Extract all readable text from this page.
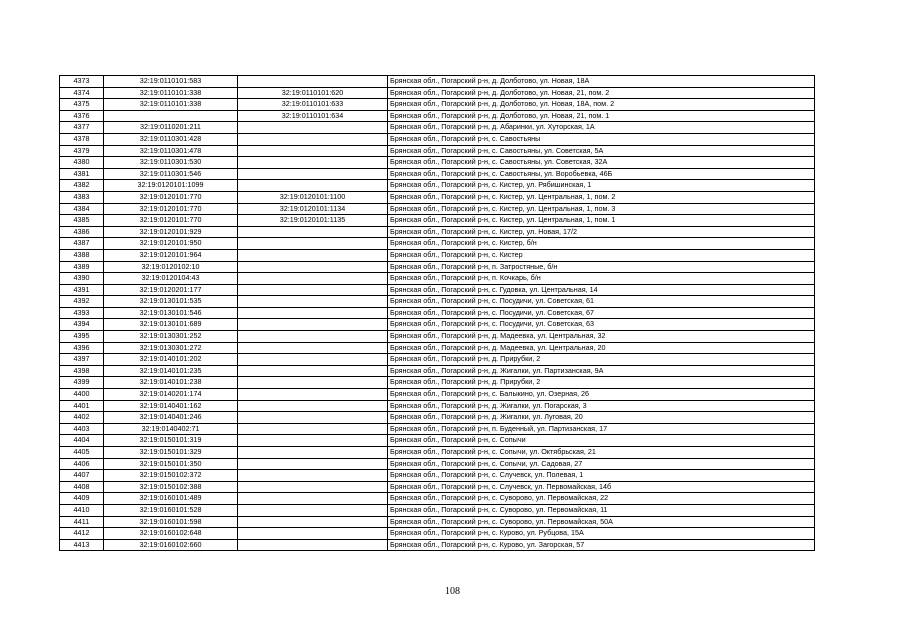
4373	32:19:0110101:583		Брянская обл., Погарский р-н, д. Долботово, ул. Новая, 18А
4374	32:19:0110101:338	32:19:0110101:620	Брянская обл., Погарский р-н, д. Долботово, ул. Новая, 21, пом. 2
4375	32:19:0110101:338	32:19:0110101:633	Брянская обл., Погарский р-н, д. Долботово, ул. Новая, 18А, пом. 2
4376		32:19:0110101:634	Брянская обл., Погарский р-н, д. Долботово, ул. Новая, 21, пом. 1
4377	32:19:0110201:211		Брянская обл., Погарский р-н, д. Абаринки, ул. Хуторская, 1А
4378	32:19:0110301:428		Брянская обл., Погарский р-н, с. Савостьяны
4379	32:19:0110301:478		Брянская обл., Погарский р-н, с. Савостьяны, ул. Советская, 5А
4380	32:19:0110301:530		Брянская обл., Погарский р-н, с. Савостьяны, ул. Советская, 32А
4381	32:19:0110301:546		Брянская обл., Погарский р-н, с. Савостьяны, ул. Воробьевка, 46Б
4382	32:19:0120101:1099		Брянская обл., Погарский р-н, с. Кистер, ул. Рябишинская, 1
4383	32:19:0120101:770	32:19:0120101:1100	Брянская обл., Погарский р-н, с. Кистер, ул. Центральная, 1, пом. 2
4384	32:19:0120101:770	32:19:0120101:1134	Брянская обл., Погарский р-н, с. Кистер, ул. Центральная, 1, пом. 3
4385	32:19:0120101:770	32:19:0120101:1135	Брянская обл., Погарский р-н, с. Кистер, ул. Центральная, 1, пом. 1
4386	32:19:0120101:929		Брянская обл., Погарский р-н, с. Кистер, ул. Новая, 17/2
4387	32:19:0120101:950		Брянская обл., Погарский р-н, с. Кистер, б/н
4388	32:19:0120101:964		Брянская обл., Погарский р-н, с. Кистер
4389	32:19:0120102:10		Брянская обл., Погарский р-н, п. Затростяные, б/н
4390	32:19:0120104:43		Брянская обл., Погарский р-н, п. Кочкарь, б/н
4391	32:19:0120201:177		Брянская обл., Погарский р-н, с. Гудовка, ул. Центральная, 14
4392	32:19:0130101:535		Брянская обл., Погарский р-н, с. Посудичи, ул. Советская, 61
4393	32:19:0130101:546		Брянская обл., Погарский р-н, с. Посудичи, ул. Советская, 67
4394	32:19:0130101:689		Брянская обл., Погарский р-н, с. Посудичи, ул. Советская, 63
4395	32:19:0130301:252		Брянская обл., Погарский р-н, д. Мадеевка, ул. Центральная, 32
4396	32:19:0130301:272		Брянская обл., Погарский р-н, д. Мадеевка, ул. Центральная, 20
4397	32:19:0140101:202		Брянская обл., Погарский р-н, д. Прирубки, 2
4398	32:19:0140101:235		Брянская обл., Погарский р-н, д. Жигалки, ул. Партизанская, 9А
4399	32:19:0140101:238		Брянская обл., Погарский р-н, д. Прирубки, 2
4400	32:19:0140201:174		Брянская обл., Погарский р-н, с. Балыкино, ул. Озерная, 26
4401	32:19:0140401:162		Брянская обл., Погарский р-н, д. Жигалки, ул. Погарская, 3
4402	32:19:0140401:246		Брянская обл., Погарский р-н, д. Жигалки, ул. Луговая, 20
4403	32:19:0140402:71		Брянская обл., Погарский р-н, п. Буденный, ул. Партизанская, 17
4404	32:19:0150101:319		Брянская обл., Погарский р-н, с. Сопычи
4405	32:19:0150101:329		Брянская обл., Погарский р-н, с. Сопычи, ул. Октябрьская, 21
4406	32:19:0150101:350		Брянская обл., Погарский р-н, с. Сопычи, ул. Садовая, 27
4407	32:19:0150102:372		Брянская обл., Погарский р-н, с. Случевск, ул. Полевая, 1
4408	32:19:0150102:388		Брянская обл., Погарский р-н, с. Случевск, ул. Первомайская, 14б
4409	32:19:0160101:489		Брянская обл., Погарский р-н, с. Суворово, ул. Первомайская, 22
4410	32:19:0160101:528		Брянская обл., Погарский р-н, с. Суворово, ул. Первомайская, 11
4411	32:19:0160101:598		Брянская обл., Погарский р-н, с. Суворово, ул. Первомайская, 50А
4412	32:19:0160102:648		Брянская обл., Погарский р-н, с. Курово, ул. Рубцова, 15А
4413	32:19:0160102:660		Брянская обл., Погарский р-н, с. Курово, ул. Загорская, 57
108
